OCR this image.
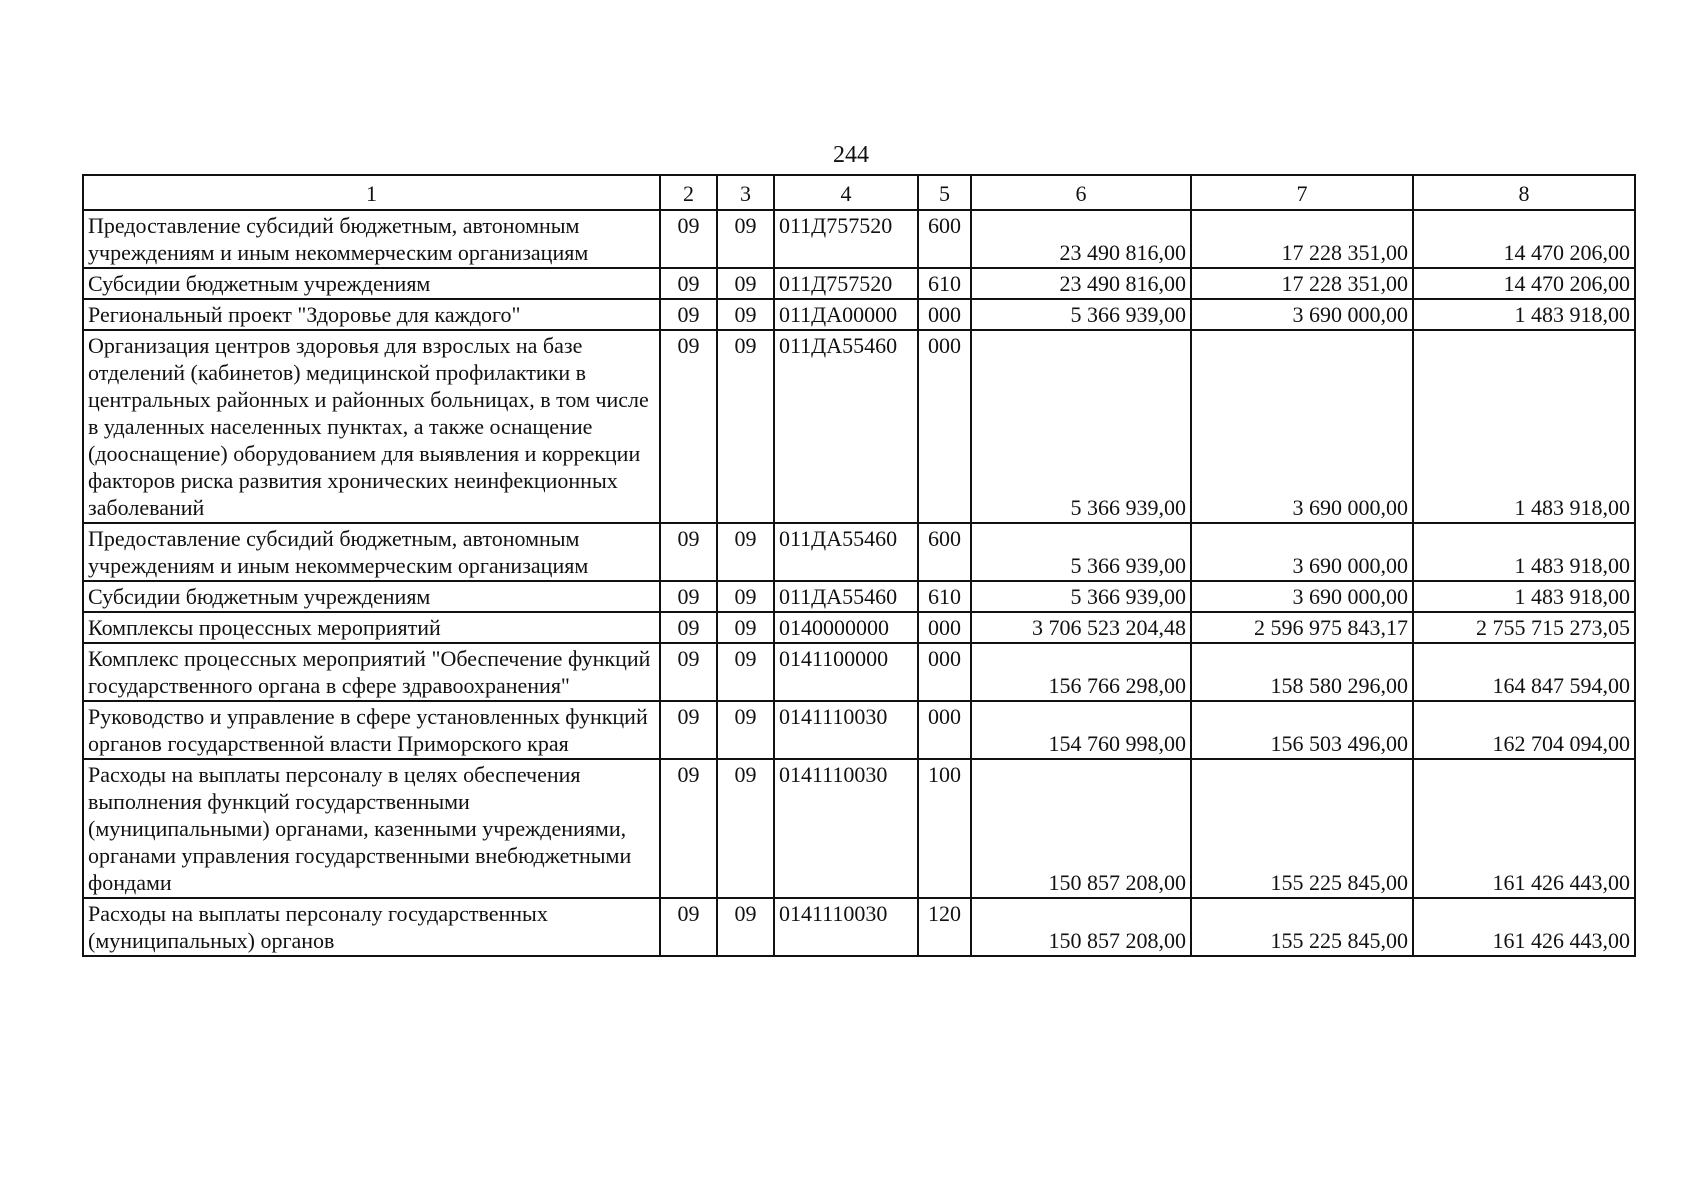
244
1	2	3	4	5	6	7	8
Предоставление субсидий бюджетным, автономным учреждениям и иным некоммерческим организациям	09	09	011Д757520	600	23 490 816,00	17 228 351,00	14 470 206,00
Субсидии бюджетным учреждениям	09	09	011Д757520	610	23 490 816,00	17 228 351,00	14 470 206,00
Региональный проект "Здоровье для каждого"	09	09	011ДА00000	000	5 366 939,00	3 690 000,00	1 483 918,00
Организация центров здоровья для взрослых на базе отделений (кабинетов) медицинской профилактики в центральных районных и районных больницах, в том числе в удаленных населенных пунктах, а также оснащение (дооснащение) оборудованием для выявления и коррекции факторов риска развития хронических неинфекционных заболеваний	09	09	011ДА55460	000	5 366 939,00	3 690 000,00	1 483 918,00
Предоставление субсидий бюджетным, автономным учреждениям и иным некоммерческим организациям	09	09	011ДА55460	600	5 366 939,00	3 690 000,00	1 483 918,00
Субсидии бюджетным учреждениям	09	09	011ДА55460	610	5 366 939,00	3 690 000,00	1 483 918,00
Комплексы процессных мероприятий	09	09	0140000000	000	3 706 523 204,48	2 596 975 843,17	2 755 715 273,05
Комплекс процессных мероприятий "Обеспечение функций государственного органа в сфере здравоохранения"	09	09	0141100000	000	156 766 298,00	158 580 296,00	164 847 594,00
Руководство и управление в сфере установленных функций органов государственной власти Приморского края	09	09	0141110030	000	154 760 998,00	156 503 496,00	162 704 094,00
Расходы на выплаты персоналу в целях обеспечения выполнения функций государственными (муниципальными) органами, казенными учреждениями, органами управления государственными внебюджетными фондами	09	09	0141110030	100	150 857 208,00	155 225 845,00	161 426 443,00
Расходы на выплаты персоналу государственных (муниципальных) органов	09	09	0141110030	120	150 857 208,00	155 225 845,00	161 426 443,00
